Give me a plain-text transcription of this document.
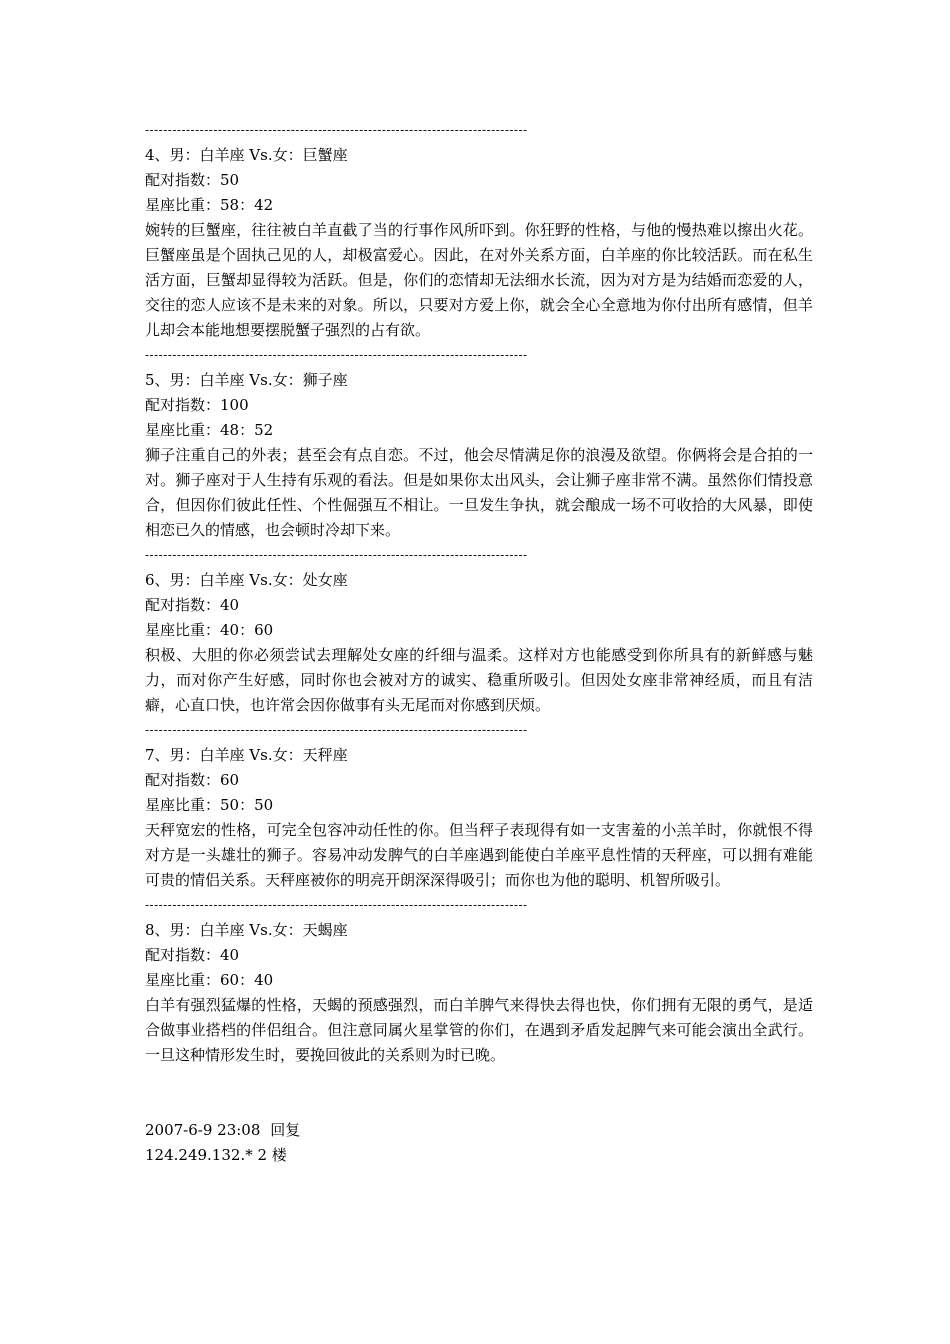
------------------------------------------------------------------------------------
4、男：白羊座 Vs.女：巨蟹座
配对指数：50
星座比重：58：42

婉转的巨蟹座，往往被白羊直截了当的行事作风所吓到。你狂野的性格，与他的慢热难以擦出火花。巨蟹座虽是个固执己见的人，却极富爱心。因此，在对外关系方面，白羊座的你比较活跃。而在私生活方面，巨蟹却显得较为活跃。但是，你们的恋情却无法细水长流，因为对方是为结婚而恋爱的人，交往的恋人应该不是未来的对象。所以，只要对方爱上你，就会全心全意地为你付出所有感情，但羊儿却会本能地想要摆脱蟹子强烈的占有欲。

------------------------------------------------------------------------------------
5、男：白羊座 Vs.女：狮子座
配对指数：100
星座比重：48：52

狮子注重自己的外表；甚至会有点自恋。不过，他会尽情满足你的浪漫及欲望。你俩将会是合拍的一对。狮子座对于人生持有乐观的看法。但是如果你太出风头，会让狮子座非常不满。虽然你们情投意合，但因你们彼此任性、个性倔强互不相让。一旦发生争执，就会酿成一场不可收拾的大风暴，即使相恋已久的情感，也会顿时冷却下来。

------------------------------------------------------------------------------------
6、男：白羊座 Vs.女：处女座
配对指数：40
星座比重：40：60

积极、大胆的你必须尝试去理解处女座的纤细与温柔。这样对方也能感受到你所具有的新鲜感与魅力，而对你产生好感，同时你也会被对方的诚实、稳重所吸引。但因处女座非常神经质，而且有洁癖，心直口快，也许常会因你做事有头无尾而对你感到厌烦。

------------------------------------------------------------------------------------
7、男：白羊座 Vs.女：天秤座
配对指数：60
星座比重：50：50

天秤宽宏的性格，可完全包容冲动任性的你。但当秤子表现得有如一支害羞的小羔羊时，你就恨不得对方是一头雄壮的狮子。容易冲动发脾气的白羊座遇到能使白羊座平息性情的天秤座，可以拥有难能可贵的情侣关系。天秤座被你的明亮开朗深深得吸引；而你也为他的聪明、机智所吸引。

------------------------------------------------------------------------------------
8、男：白羊座 Vs.女：天蝎座
配对指数：40
星座比重：60：40

白羊有强烈猛爆的性格，天蝎的预感强烈，而白羊脾气来得快去得也快，你们拥有无限的勇气，是适合做事业搭档的伴侣组合。但注意同属火星掌管的你们，在遇到矛盾发起脾气来可能会演出全武行。一旦这种情形发生时，要挽回彼此的关系则为时已晚。

2007-6-9 23:08 回复
124.249.132.* 2 楼
